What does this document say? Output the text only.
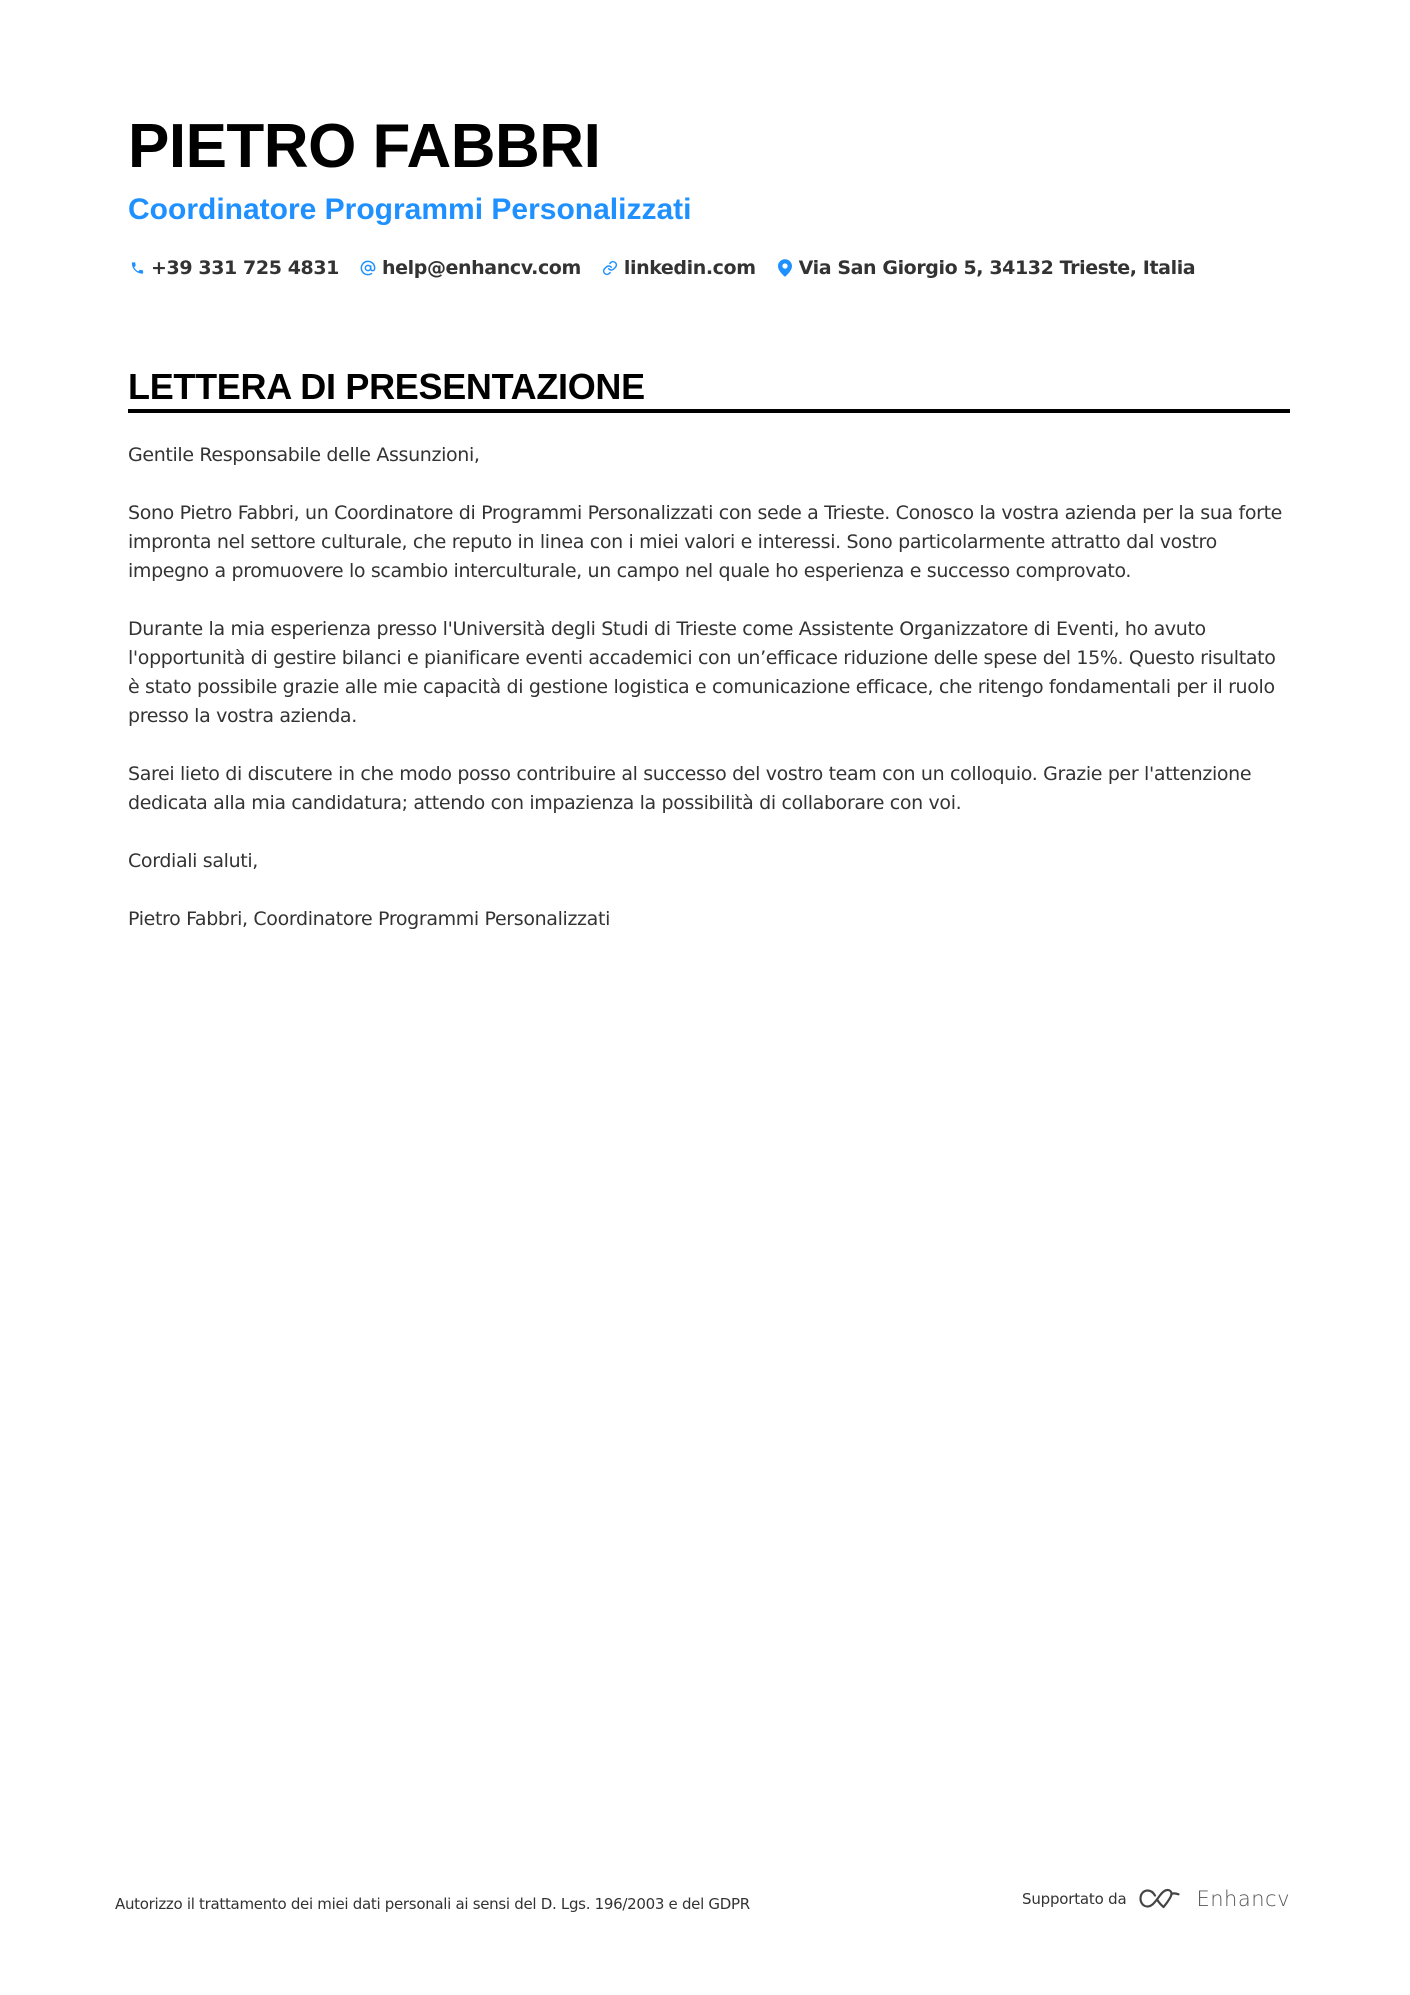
PIETRO FABBRI
Coordinatore Programmi Personalizzati
+39 331 725 4831 help@enhancv.com linkedin.com Via San Giorgio 5, 34132 Trieste, Italia
LETTERA DI PRESENTAZIONE

Gentile Responsabile delle Assunzioni,

Sono Pietro Fabbri, un Coordinatore di Programmi Personalizzati con sede a Trieste. Conosco la vostra azienda per la sua forte impronta nel settore culturale, che reputo in linea con i miei valori e interessi. Sono particolarmente attratto dal vostro impegno a promuovere lo scambio interculturale, un campo nel quale ho esperienza e successo comprovato.

Durante la mia esperienza presso l'Università degli Studi di Trieste come Assistente Organizzatore di Eventi, ho avuto l'opportunità di gestire bilanci e pianificare eventi accademici con un’efficace riduzione delle spese del 15%. Questo risultato è stato possibile grazie alle mie capacità di gestione logistica e comunicazione efficace, che ritengo fondamentali per il ruolo presso la vostra azienda.

Sarei lieto di discutere in che modo posso contribuire al successo del vostro team con un colloquio. Grazie per l'attenzione dedicata alla mia candidatura; attendo con impazienza la possibilità di collaborare con voi.

Cordiali saluti,

Pietro Fabbri, Coordinatore Programmi Personalizzati

Autorizzo il trattamento dei miei dati personali ai sensi del D. Lgs. 196/2003 e del GDPR	Supportato da	Enhancv
